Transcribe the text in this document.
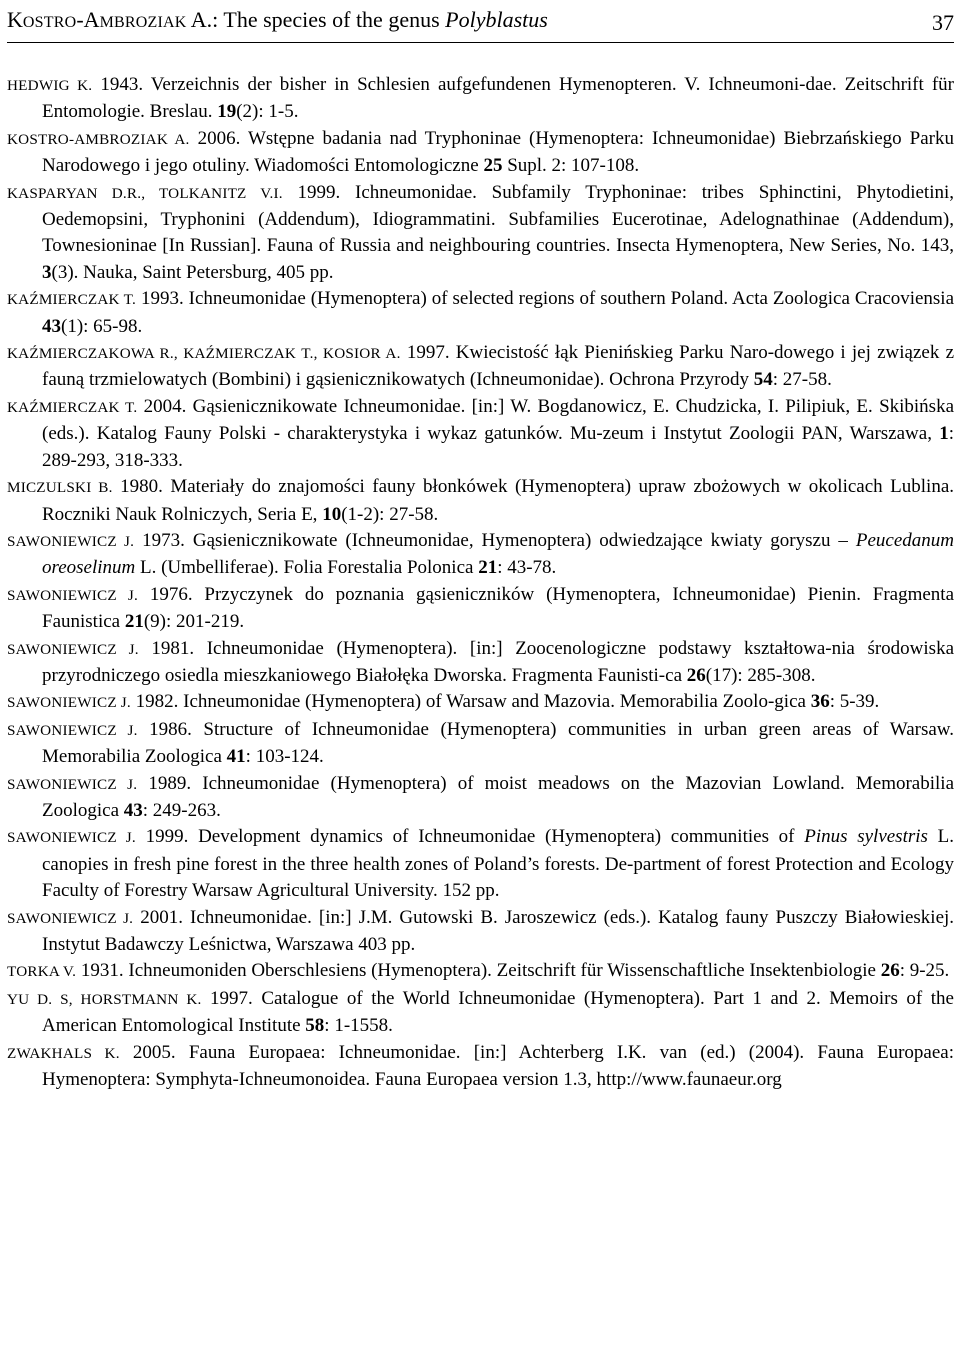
KOSTRO-AMBROZIAK A.: The species of the genus Polyblastus	37

HEDWIG K. 1943. Verzeichnis der bisher in Schlesien aufgefundenen Hymenopteren. V. Ichneumoni-dae. Zeitschrift für Entomologie. Breslau. 19(2): 1-5.

KOSTRO-AMBROZIAK A. 2006. Wstępne badania nad Tryphoninae (Hymenoptera: Ichneumonidae) Biebrzańskiego Parku Narodowego i jego otuliny. Wiadomości Entomologiczne 25 Supl. 2: 107-108.

KASPARYAN D.R., TOLKANITZ V.I. 1999. Ichneumonidae. Subfamily Tryphoninae: tribes Sphinctini, Phytodietini, Oedemopsini, Tryphonini (Addendum), Idiogrammatini. Subfamilies Eucerotinae, Adelognathinae (Addendum), Townesioninae [In Russian]. Fauna of Russia and neighbouring countries. Insecta Hymenoptera, New Series, No. 143, 3(3). Nauka, Saint Petersburg, 405 pp.

KAŹMIERCZAK T. 1993. Ichneumonidae (Hymenoptera) of selected regions of southern Poland. Acta Zoologica Cracoviensia 43(1): 65-98.

KAŹMIERCZAKOWA R., KAŹMIERCZAK T., KOSIOR A. 1997. Kwiecistość łąk Pienińskieg Parku Naro-dowego i jej związek z fauną trzmielowatych (Bombini) i gąsienicznikowatych (Ichneumonidae). Ochrona Przyrody 54: 27-58.

KAŹMIERCZAK T. 2004. Gąsienicznikowate Ichneumonidae. [in:] W. Bogdanowicz, E. Chudzicka, I. Pilipiuk, E. Skibińska (eds.). Katalog Fauny Polski - charakterystyka i wykaz gatunków. Mu-zeum i Instytut Zoologii PAN, Warszawa, 1: 289-293, 318-333.

MICZULSKI B. 1980. Materiały do znajomości fauny błonkówek (Hymenoptera) upraw zbożowych w okolicach Lublina. Roczniki Nauk Rolniczych, Seria E, 10(1-2): 27-58.

SAWONIEWICZ J. 1973. Gąsienicznikowate (Ichneumonidae, Hymenoptera) odwiedzające kwiaty goryszu – Peucedanum oreoselinum L. (Umbelliferae). Folia Forestalia Polonica 21: 43-78.

SAWONIEWICZ J. 1976. Przyczynek do poznania gąsieniczników (Hymenoptera, Ichneumonidae) Pienin. Fragmenta Faunistica 21(9): 201-219.

SAWONIEWICZ J. 1981. Ichneumonidae (Hymenoptera). [in:] Zoocenologiczne podstawy kształtowa-nia środowiska przyrodniczego osiedla mieszkaniowego Białołęka Dworska. Fragmenta Faunisti-ca 26(17): 285-308.

SAWONIEWICZ J. 1982. Ichneumonidae (Hymenoptera) of Warsaw and Mazovia. Memorabilia Zoolo-gica 36: 5-39.

SAWONIEWICZ J. 1986. Structure of Ichneumonidae (Hymenoptera) communities in urban green areas of Warsaw. Memorabilia Zoologica 41: 103-124.

SAWONIEWICZ J. 1989. Ichneumonidae (Hymenoptera) of moist meadows on the Mazovian Lowland. Memorabilia Zoologica 43: 249-263.

SAWONIEWICZ J. 1999. Development dynamics of Ichneumonidae (Hymenoptera) communities of Pinus sylvestris L. canopies in fresh pine forest in the three health zones of Poland’s forests. De-partment of forest Protection and Ecology Faculty of Forestry Warsaw Agricultural University. 152 pp.

SAWONIEWICZ J. 2001. Ichneumonidae. [in:] J.M. Gutowski B. Jaroszewicz (eds.). Katalog fauny Puszczy Białowieskiej. Instytut Badawczy Leśnictwa, Warszawa 403 pp.

TORKA V. 1931. Ichneumoniden Oberschlesiens (Hymenoptera). Zeitschrift für Wissenschaftliche Insektenbiologie 26: 9-25.

YU D. S, HORSTMANN K. 1997. Catalogue of the World Ichneumonidae (Hymenoptera). Part 1 and 2. Memoirs of the American Entomological Institute 58: 1-1558.

ZWAKHALS K. 2005. Fauna Europaea: Ichneumonidae. [in:] Achterberg I.K. van (ed.) (2004). Fauna Europaea: Hymenoptera: Symphyta-Ichneumonoidea. Fauna Europaea version 1.3, http://www.faunaeur.org
